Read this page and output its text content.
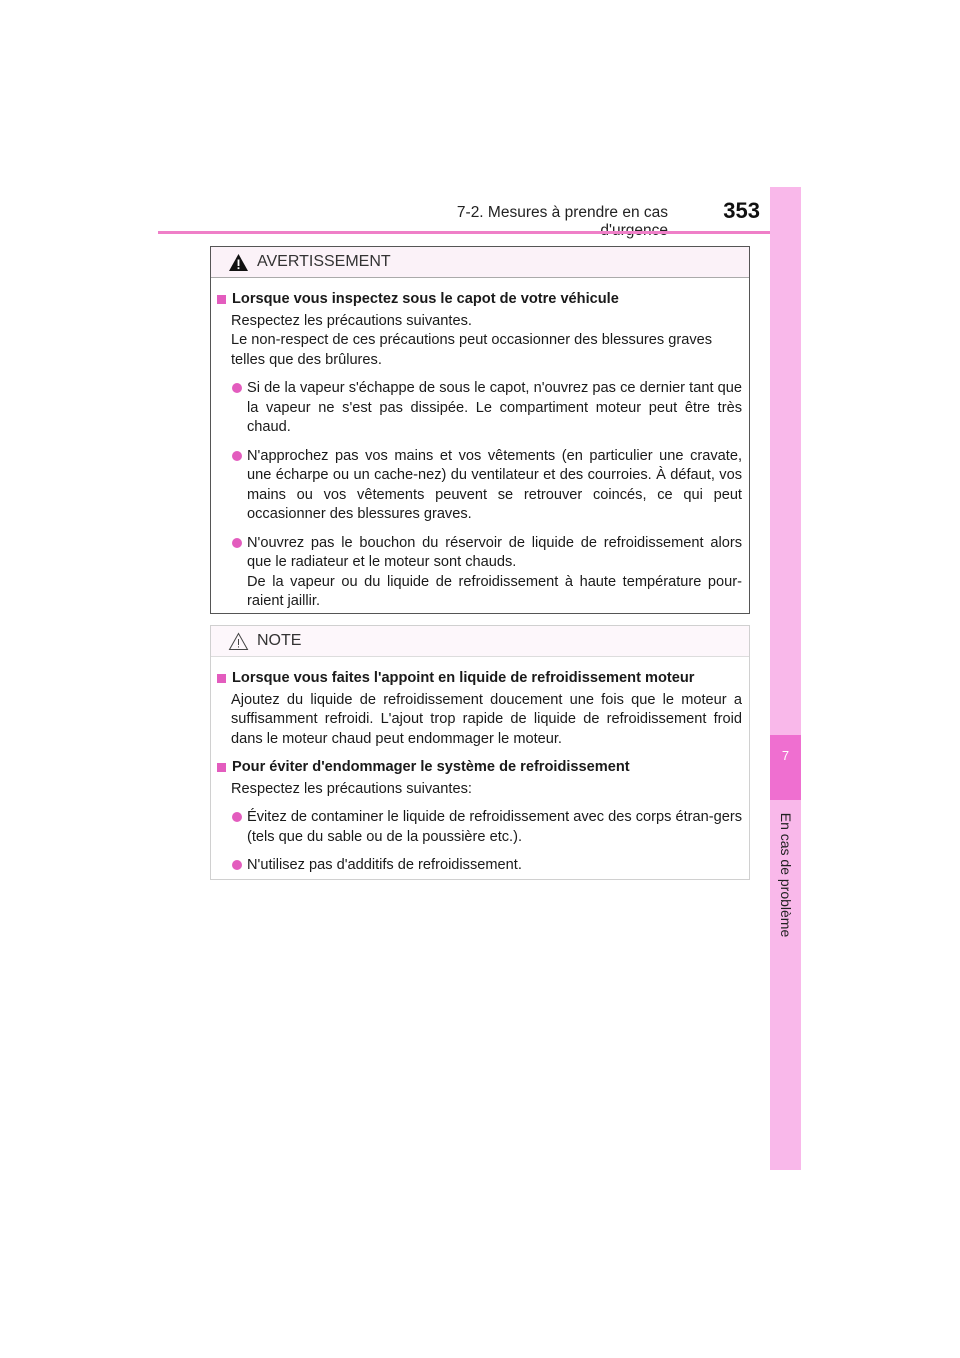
7-2. Mesures à prendre en cas	353
7
En cas de problème
AVERTISSEMENT
Lorsque vous inspectez sous le capot de votre véhicule
Respectez les précautions suivantes.
Le non-respect de ces précautions peut occasionner des blessures graves telles que des brûlures.
Si de la vapeur s'échappe de sous le capot, n'ouvrez pas ce dernier tant que la vapeur ne s'est pas dissipée. Le compartiment moteur peut être très chaud.
N'approchez pas vos mains et vos vêtements (en particulier une cravate, une écharpe ou un cache-nez) du ventilateur et des courroies. À défaut, vos mains ou vos vêtements peuvent se retrouver coincés, ce qui peut occasionner des blessures graves.
N'ouvrez pas le bouchon du réservoir de liquide de refroidissement alors que le radiateur et le moteur sont chauds.
De la vapeur ou du liquide de refroidissement à haute température pour-raient jaillir.
NOTE
Lorsque vous faites l'appoint en liquide de refroidissement moteur
Ajoutez du liquide de refroidissement doucement une fois que le moteur a suffisamment refroidi. L'ajout trop rapide de liquide de refroidissement froid dans le moteur chaud peut endommager le moteur.
Pour éviter d'endommager le système de refroidissement
Respectez les précautions suivantes:
Évitez de contaminer le liquide de refroidissement avec des corps étran-gers (tels que du sable ou de la poussière etc.).
N'utilisez pas d'additifs de refroidissement.
